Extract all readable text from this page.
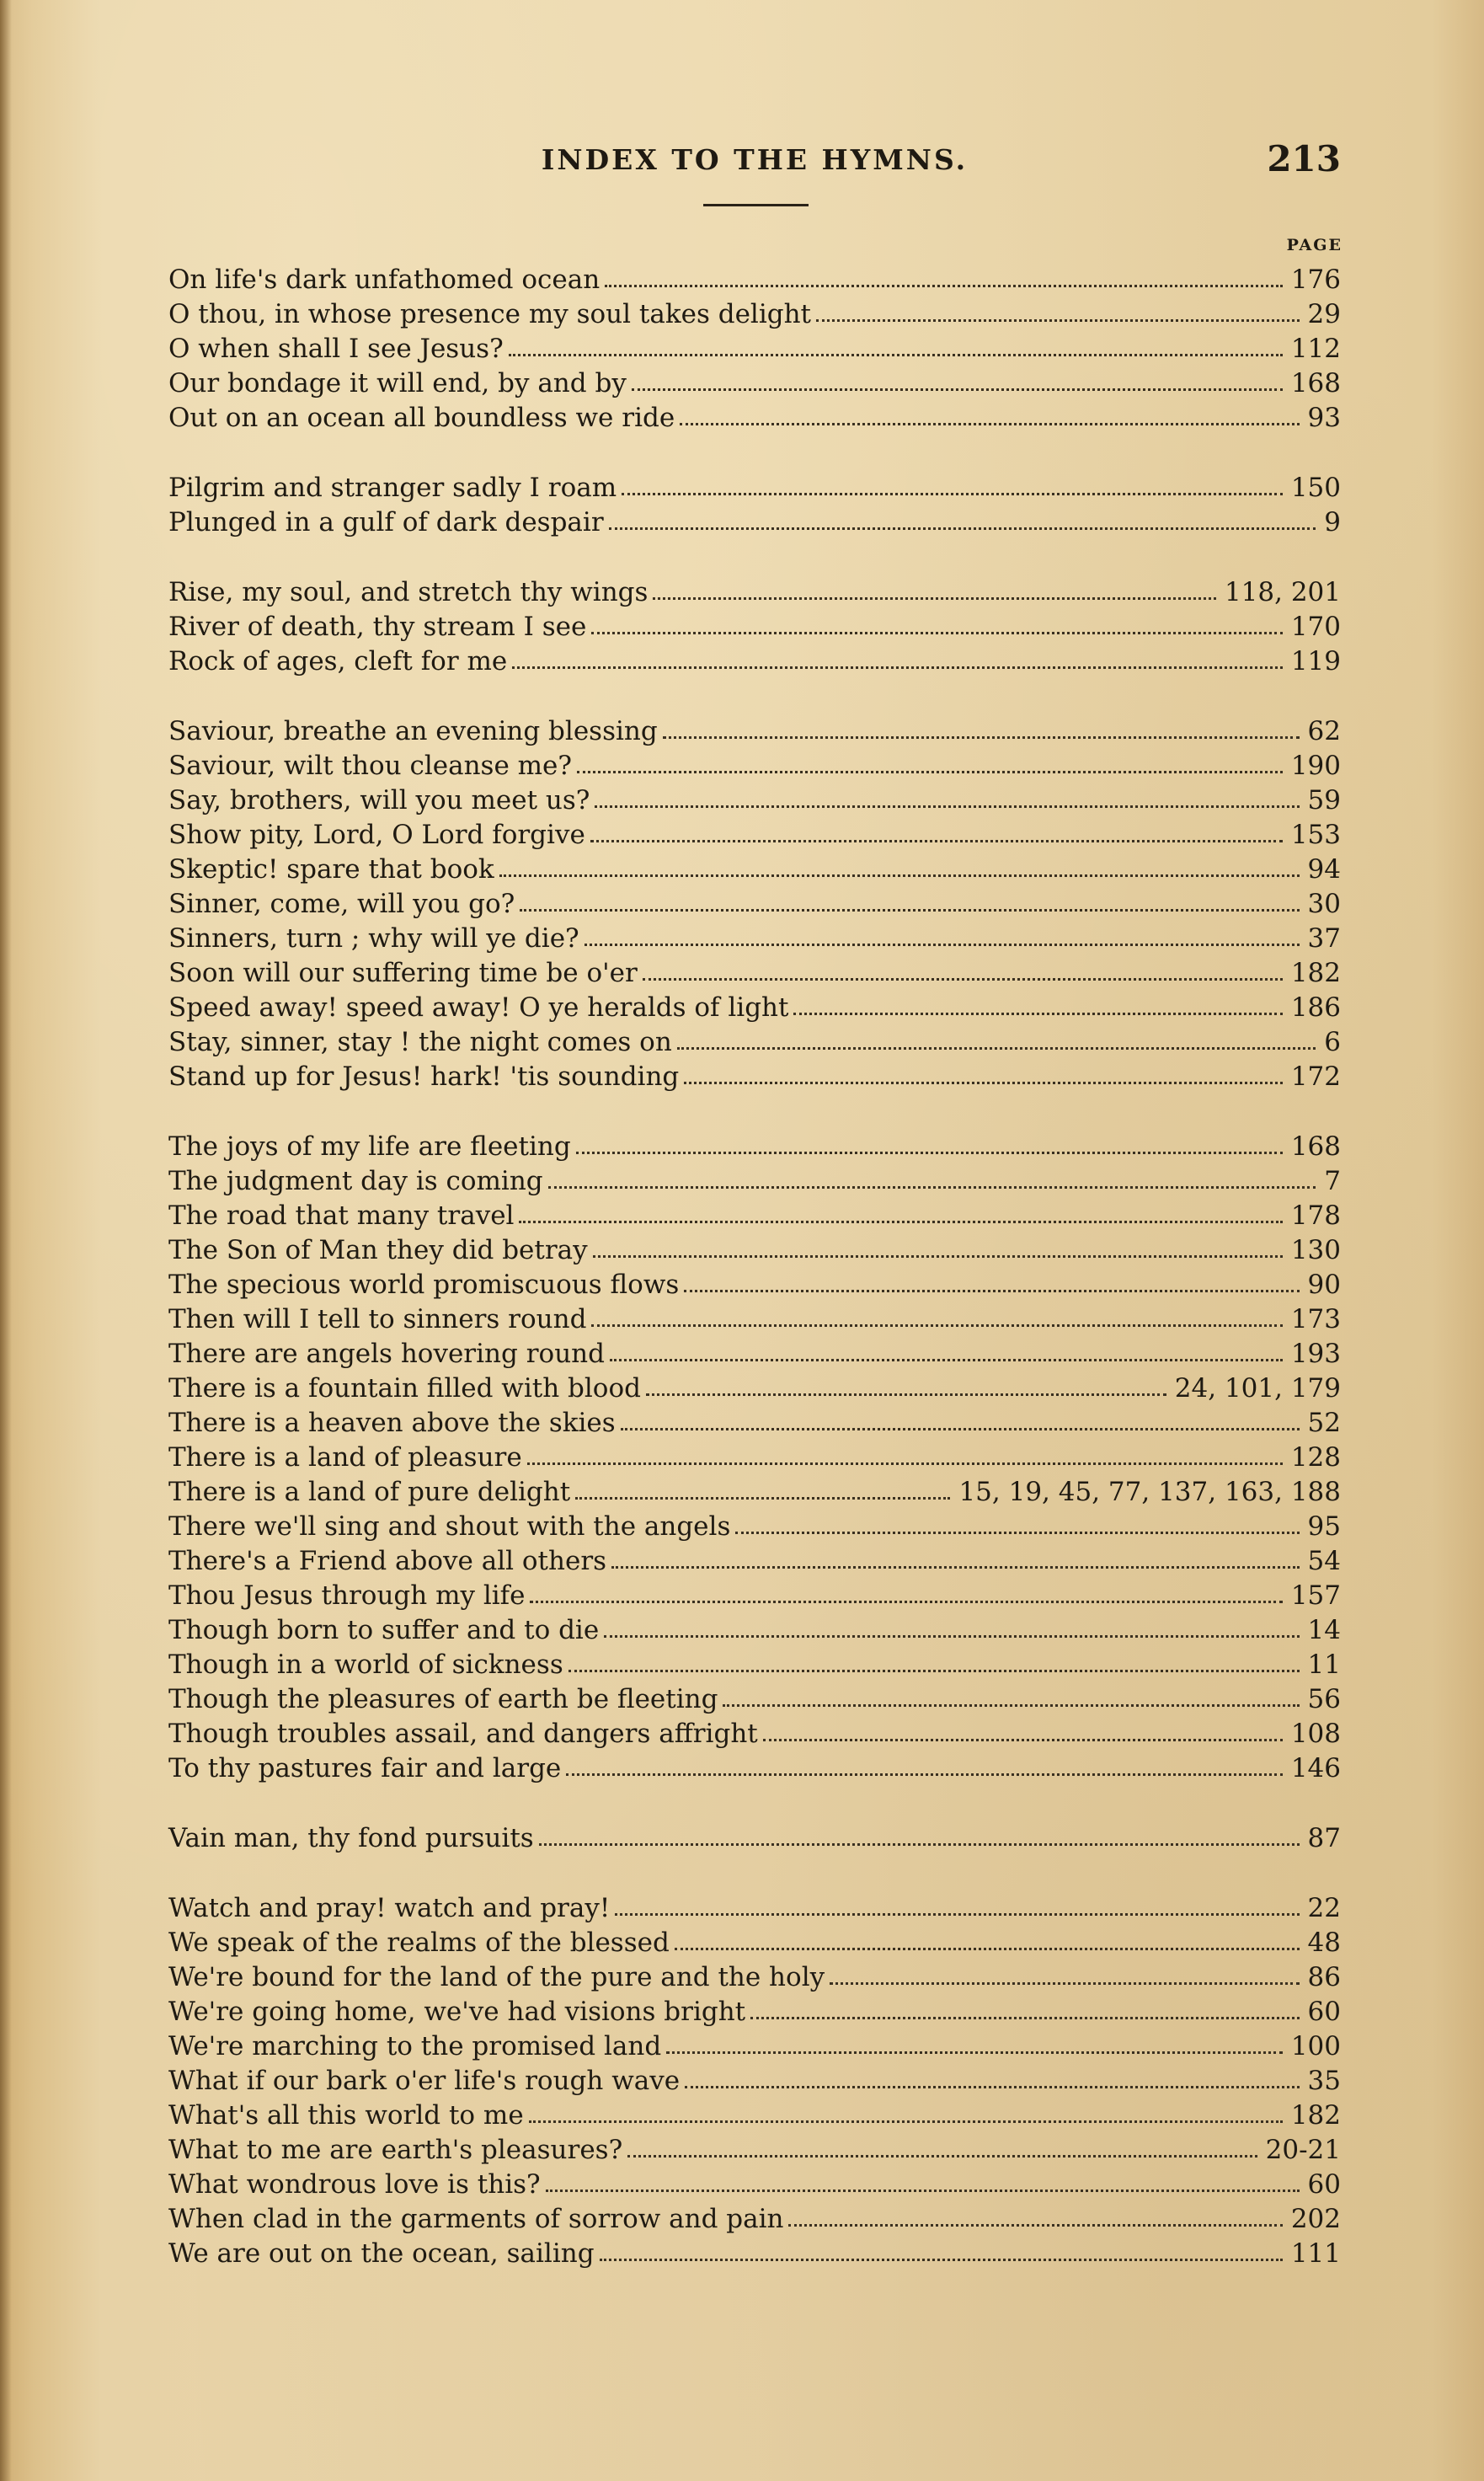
INDEX TO THE HYMNS.	213
PAGE
On life's dark unfathomed ocean	176
O thou, in whose presence my soul takes delight	29
O when shall I see Jesus?	112
Our bondage it will end, by and by	168
Out on an ocean all boundless we ride	93
Pilgrim and stranger sadly I roam	150
Plunged in a gulf of dark despair	9
Rise, my soul, and stretch thy wings	118, 201
River of death, thy stream I see	170
Rock of ages, cleft for me	119
Saviour, breathe an evening blessing	62
Saviour, wilt thou cleanse me?	190
Say, brothers, will you meet us?	59
Show pity, Lord, O Lord forgive	153
Skeptic! spare that book	94
Sinner, come, will you go?	30
Sinners, turn ; why will ye die?	37
Soon will our suffering time be o'er	182
Speed away! speed away! O ye heralds of light	186
Stay, sinner, stay ! the night comes on	6
Stand up for Jesus! hark! 'tis sounding	172
The joys of my life are fleeting	168
The judgment day is coming	7
The road that many travel	178
The Son of Man they did betray	130
The specious world promiscuous flows	90
Then will I tell to sinners round	173
There are angels hovering round	193
There is a fountain filled with blood	24, 101, 179
There is a heaven above the skies	52
There is a land of pleasure	128
There is a land of pure delight	15, 19, 45, 77, 137, 163, 188
There we'll sing and shout with the angels	95
There's a Friend above all others	54
Thou Jesus through my life	157
Though born to suffer and to die	14
Though in a world of sickness	11
Though the pleasures of earth be fleeting	56
Though troubles assail, and dangers affright	108
To thy pastures fair and large	146
Vain man, thy fond pursuits	87
Watch and pray! watch and pray!	22
We speak of the realms of the blessed	48
We're bound for the land of the pure and the holy	86
We're going home, we've had visions bright	60
We're marching to the promised land	100
What if our bark o'er life's rough wave	35
What's all this world to me	182
What to me are earth's pleasures?	20-21
What wondrous love is this?	60
When clad in the garments of sorrow and pain	202
We are out on the ocean, sailing	111
